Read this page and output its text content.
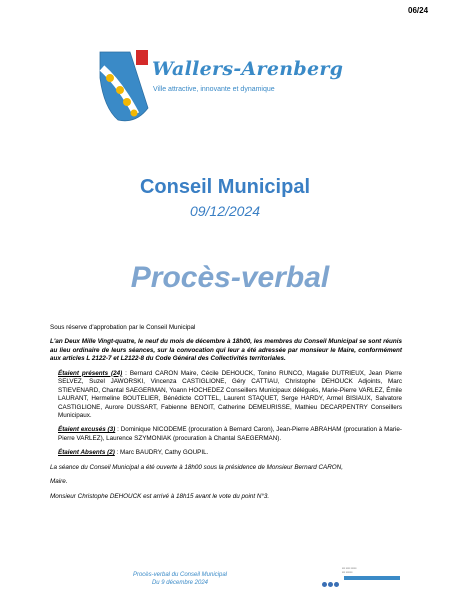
06/24
Wallers-Arenberg
Ville attractive, innovante et dynamique
Conseil Municipal
09/12/2024
Procès-verbal

Sous réserve d'approbation par le Conseil Municipal

L'an Deux Mille Vingt-quatre, le neuf du mois de décembre à 18h00, les membres du Conseil Municipal se sont réunis au lieu ordinaire de leurs séances, sur la convocation qui leur a été adressée par monsieur le Maire, conformément aux articles L 2122-7 et L2122-8 du Code Général des Collectivités territoriales.

Étaient présents (24) : Bernard CARON Maire, Cécile DEHOUCK, Tonino RUNCO, Magalie DUTRIEUX, Jean Pierre SELVEZ, Suzel JAWORSKI, Vincenza CASTIGLIONE, Géry CATTIAU, Christophe DEHOUCK Adjoints, Marc STIEVENARD, Chantal SAEGERMAN, Yoann HOCHEDEZ Conseillers Municipaux délégués, Marie-Pierre VARLEZ, Émile LAURANT, Hermeline BOUTELIER, Bénédicte COTTEL, Laurent STAQUET, Serge HARDY, Armel BISIAUX, Salvatore CASTIGLIONE, Aurore DUSSART, Fabienne BENOIT, Catherine DEMEURISSE, Mathieu DECARPENTRY Conseillers Municipaux.

Étaient excusés (3) : Dominique NICODEME (procuration à Bernard Caron), Jean-Pierre ABRAHAM (procuration à Marie-Pierre VARLEZ), Laurence SZYMONIAK (procuration à Chantal SAEGERMAN).

Étaient Absents (2) : Marc BAUDRY, Cathy GOUPIL.

La séance du Conseil Municipal a été ouverte à 18h00 sous la présidence de Monsieur Bernard CARON,

Maire.

Monsieur Christophe DEHOUCK est arrivé à 18h15 avant le vote du point N°3.

Procès-verbal du Conseil Municipal
Du 9 décembre 2024
▪▪▪ ▪▪▪▪ ▪▪▪▪▪
▪▪▪ ▪▪▪▪▪▪
